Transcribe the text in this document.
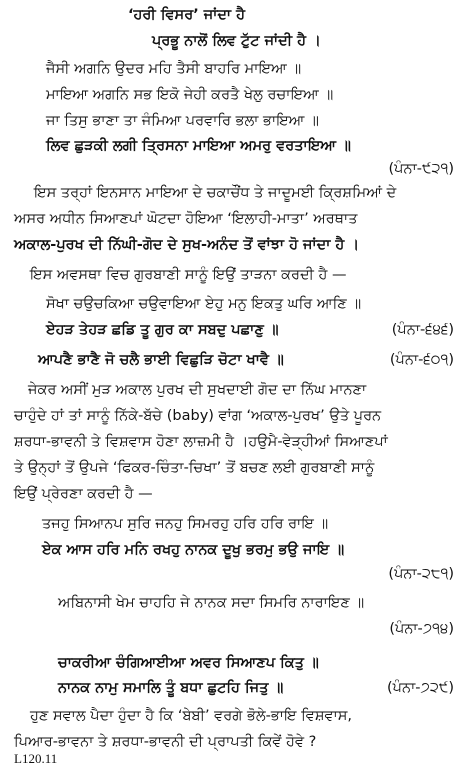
‘ਹਰੀ ਵਿਸਰ’ ਜਾਂਦਾ ਹੈ
ਪ੍ਰਭੂ ਨਾਲੋਂ ਲਿਵ ਟੁੱਟ ਜਾਂਦੀ ਹੈ ।
ਜੈਸੀ ਅਗਨਿ ਉਦਰ ਮਹਿ ਤੈਸੀ ਬਾਹਰਿ ਮਾਇਆ ॥
ਮਾਇਆ ਅਗਨਿ ਸਭ ਇਕੋ ਜੇਹੀ ਕਰਤੈ ਖੇਲੁ ਰਚਾਇਆ ॥
ਜਾ ਤਿਸੁ ਭਾਣਾ ਤਾ ਜੰਮਿਆ ਪਰਵਾਰਿ ਭਲਾ ਭਾਇਆ ॥
ਲਿਵ ਛੁੜਕੀ ਲਗੀ ਤ੍ਰਿਸਨਾ ਮਾਇਆ ਅਮਰੁ ਵਰਤਾਇਆ ॥
(ਪੰਨਾ-੯੨੧)
ਇਸ ਤਰ੍ਹਾਂ ਇਨਸਾਨ ਮਾਇਆ ਦੇ ਚਕਾਚੌਂਧ ਤੇ ਜਾਦੂਮਈ ਕ੍ਰਿਸ਼ਮਿਆਂ ਦੇ
ਅਸਰ ਅਧੀਨ ਸਿਆਣਪਾਂ ਘੋਟਦਾ ਹੋਇਆ ‘ਇਲਾਹੀ-ਮਾਤਾ’ ਅਰਥਾਤ
ਅਕਾਲ-ਪੁਰਖ ਦੀ ਨਿੱਘੀ-ਗੋਦ ਦੇ ਸੁਖ-ਅਨੰਦ ਤੋਂ ਵਾਂਝਾ ਹੋ ਜਾਂਦਾ ਹੈ ।
ਇਸ ਅਵਸਥਾ ਵਿਚ ਗੁਰਬਾਣੀ ਸਾਨੂੰ ਇਉਂ ਤਾੜਨਾ ਕਰਦੀ ਹੈ —
ਸੋਖਾ ਚਉਚਕਿਆ ਚਉਵਾਇਆ ਏਹੁ ਮਨੁ ਇਕਤੁ ਘਰਿ ਆਣਿ ॥
ਏਹੜ ਤੇਹੜ ਛਡਿ ਤੂ ਗੁਰ ਕਾ ਸਬਦੁ ਪਛਾਣੁ ॥	(ਪੰਨਾ-੬੪੬)
ਆਪਣੈ ਭਾਣੈ ਜੋ ਚਲੈ ਭਾਈ ਵਿਛੁੜਿ ਚੋਟਾ ਖਾਵੈ ॥	(ਪੰਨਾ-੬੦੧)
ਜੇਕਰ ਅਸੀਂ ਮੁੜ ਅਕਾਲ ਪੁਰਖ ਦੀ ਸੁਖਦਾਈ ਗੋਦ ਦਾ ਨਿੱਘ ਮਾਨਣਾ
ਚਾਹੁੰਦੇ ਹਾਂ ਤਾਂ ਸਾਨੂੰ ਨਿੱਕੇ-ਬੱਚੇ (baby) ਵਾਂਗ ‘ਅਕਾਲ-ਪੁਰਖ’ ਉਤੇ ਪੂਰਨ
ਸ਼ਰਧਾ-ਭਾਵਨੀ ਤੇ ਵਿਸ਼ਵਾਸ ਹੋਣਾ ਲਾਜ਼ਮੀ ਹੈ ।ਹਉਮੈ-ਵੇੜ੍ਹੀਆਂ ਸਿਆਣਪਾਂ
ਤੇ ਉਨ੍ਹਾਂ ਤੋਂ ਉਪਜੇ ‘ਫਿਕਰ-ਚਿੰਤਾ-ਚਿਖਾ’ ਤੋਂ ਬਚਣ ਲਈ ਗੁਰਬਾਣੀ ਸਾਨੂੰ
ਇਉਂ ਪ੍ਰੇਰਣਾ ਕਰਦੀ ਹੈ —
ਤਜਹੁ ਸਿਆਨਪ ਸੁਰਿ ਜਨਹੁ ਸਿਮਰਹੁ ਹਰਿ ਹਰਿ ਰਾਇ ॥
ਏਕ ਆਸ ਹਰਿ ਮਨਿ ਰਖਹੁ ਨਾਨਕ ਦੂਖੁ ਭਰਮੁ ਭਉ ਜਾਇ ॥
(ਪੰਨਾ-੨੮੧)
ਅਬਿਨਾਸੀ ਖੇਮ ਚਾਹਹਿ ਜੇ ਨਾਨਕ ਸਦਾ ਸਿਮਰਿ ਨਾਰਾਇਣ ॥
(ਪੰਨਾ-੭੧੪)
ਚਾਕਰੀਆ ਚੰਗਿਆਈਆ ਅਵਰ ਸਿਆਣਪ ਕਿਤੁ ॥
ਨਾਨਕ ਨਾਮੁ ਸਮਾਲਿ ਤੂੰ ਬਧਾ ਛੁਟਹਿ ਜਿਤੁ ॥	(ਪੰਨਾ-੭੨੯)
ਹੁਣ ਸਵਾਲ ਪੈਦਾ ਹੁੰਦਾ ਹੈ ਕਿ ‘ਬੇਬੀ’ ਵਰਗੇ ਭੋਲੇ-ਭਾਇ ਵਿਸ਼ਵਾਸ,
ਪਿਆਰ-ਭਾਵਨਾ ਤੇ ਸ਼ਰਧਾ-ਭਾਵਨੀ ਦੀ ਪ੍ਰਾਪਤੀ ਕਿਵੇਂ ਹੋਵੇ ?
L120.11
